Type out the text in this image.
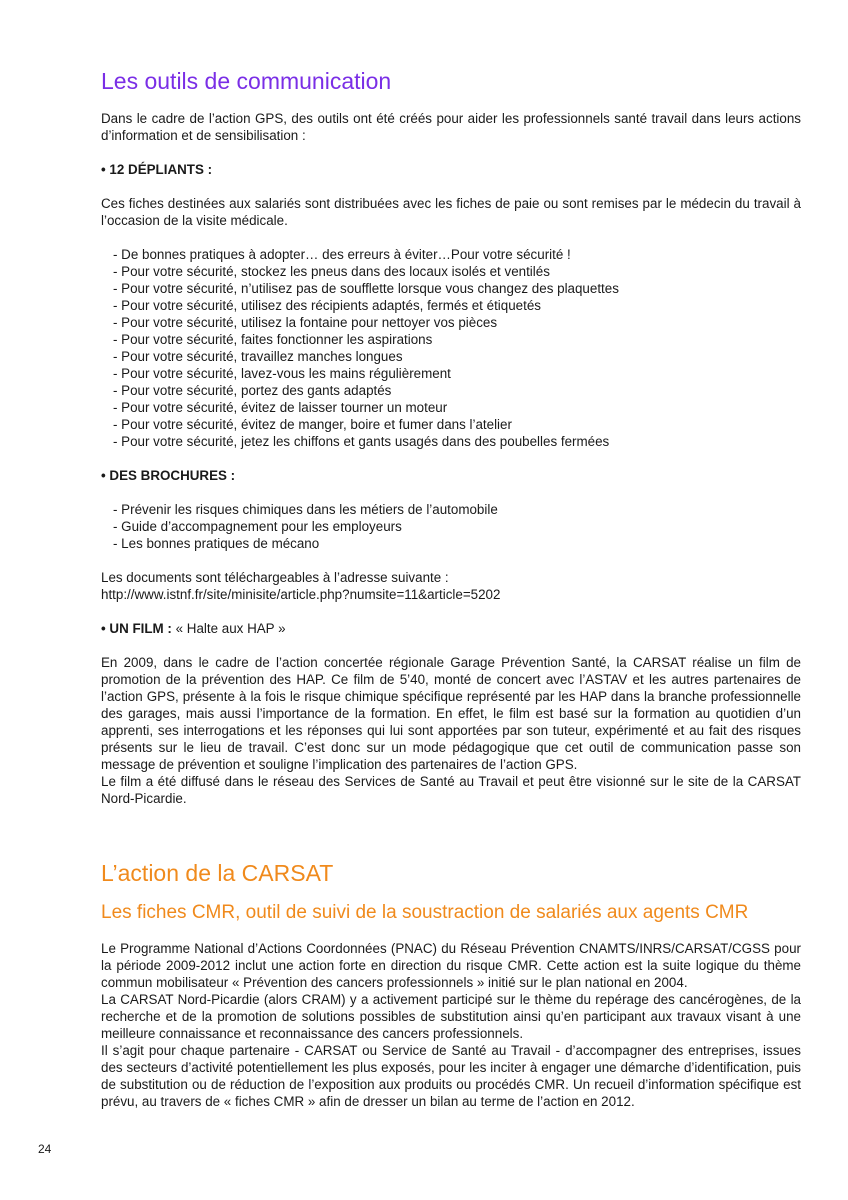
Les outils de communication

Dans le cadre de l’action GPS, des outils ont été créés pour aider les professionnels santé travail dans leurs actions d’information et de sensibilisation :

• 12 DÉPLIANTS :

Ces fiches destinées aux salariés sont distribuées avec les fiches de paie ou sont remises par le médecin du travail à l’occasion de la visite médicale.

- De bonnes pratiques à adopter… des erreurs à éviter…Pour votre sécurité !
- Pour votre sécurité, stockez les pneus dans des locaux isolés et ventilés
- Pour votre sécurité, n’utilisez pas de soufflette lorsque vous changez des plaquettes
- Pour votre sécurité, utilisez des récipients adaptés, fermés et étiquetés
- Pour votre sécurité, utilisez la fontaine pour nettoyer vos pièces
- Pour votre sécurité, faites fonctionner les aspirations
- Pour votre sécurité, travaillez manches longues
- Pour votre sécurité, lavez-vous les mains régulièrement
- Pour votre sécurité, portez des gants adaptés
- Pour votre sécurité, évitez de laisser tourner un moteur
- Pour votre sécurité, évitez de manger, boire et fumer dans l’atelier
- Pour votre sécurité, jetez les chiffons et gants usagés dans des poubelles fermées
• DES BROCHURES :
- Prévenir les risques chimiques dans les métiers de l’automobile
- Guide d’accompagnement pour les employeurs
- Les bonnes pratiques de mécano

Les documents sont téléchargeables à l’adresse suivante :

http://www.istnf.fr/site/minisite/article.php?numsite=11&article=5202

• UN FILM : « Halte aux HAP »

En 2009, dans le cadre de l’action concertée régionale Garage Prévention Santé, la CARSAT réalise un film de promotion de la prévention des HAP. Ce film de 5’40, monté de concert avec l’ASTAV et les autres partenaires de l’action GPS, présente à la fois le risque chimique spécifique représenté par les HAP dans la branche professionnelle des garages, mais aussi l’importance de la formation. En effet, le film est basé sur la formation au quotidien d’un apprenti, ses interrogations et les réponses qui lui sont apportées par son tuteur, expérimenté et au fait des risques présents sur le lieu de travail. C’est donc sur un mode pédagogique que cet outil de communication passe son message de prévention et souligne l’implication des partenaires de l’action GPS.

Le film a été diffusé dans le réseau des Services de Santé au Travail et peut être visionné sur le site de la CARSAT Nord-Picardie.

L’action de la CARSAT
Les fiches CMR, outil de suivi de la soustraction de salariés aux agents CMR

Le Programme National d’Actions Coordonnées (PNAC) du Réseau Prévention CNAMTS/INRS/CARSAT/CGSS pour la période 2009-2012 inclut une action forte en direction du risque CMR. Cette action est la suite logique du thème commun mobilisateur « Prévention des cancers professionnels » initié sur le plan national en 2004.

La CARSAT Nord-Picardie (alors CRAM) y a activement participé sur le thème du repérage des cancérogènes, de la recherche et de la promotion de solutions possibles de substitution ainsi qu’en participant aux travaux visant à une meilleure connaissance et reconnaissance des cancers professionnels.

Il s’agit pour chaque partenaire - CARSAT ou Service de Santé au Travail - d’accompagner des entreprises, issues des secteurs d’activité potentiellement les plus exposés, pour les inciter à engager une démarche d’identification, puis de substitution ou de réduction de l’exposition aux produits ou procédés CMR. Un recueil d’information spécifique est prévu, au travers de « fiches CMR » afin de dresser un bilan au terme de l’action en 2012.

24
